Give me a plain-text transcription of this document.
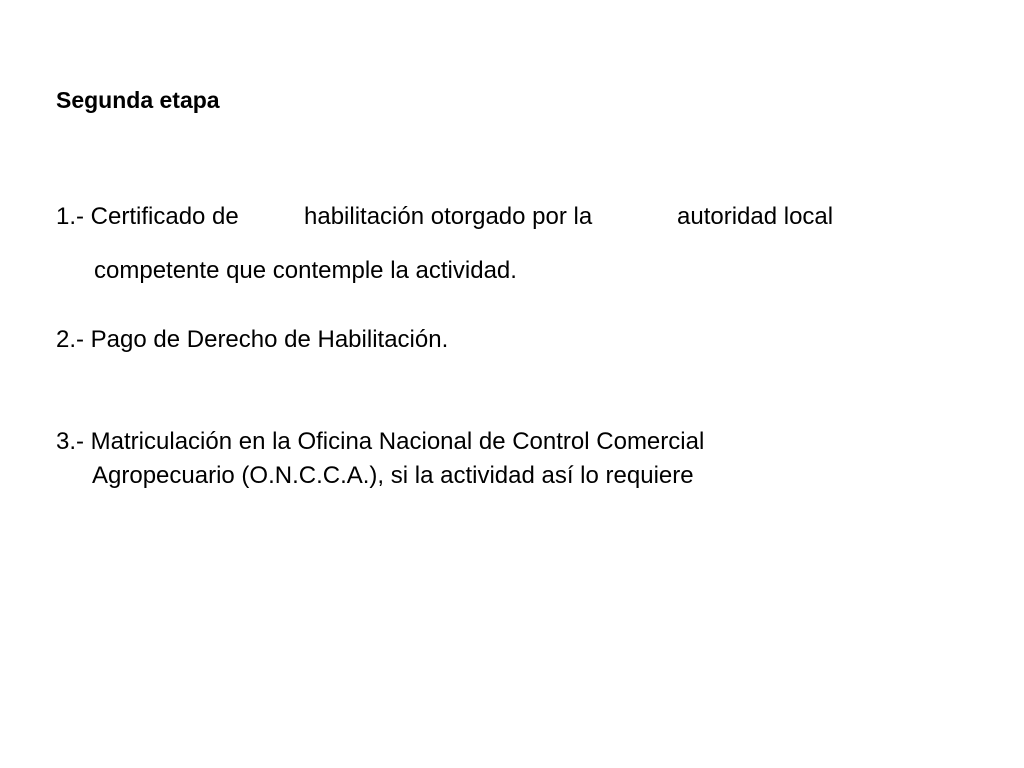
Segunda etapa
1.- Certificado de	habilitación otorgado por la	autoridad local
competente que contemple la actividad.
2.- Pago de Derecho de Habilitación.
3.- Matriculación en la Oficina Nacional de Control Comercial
Agropecuario (O.N.C.C.A.), si la actividad así lo requiere
